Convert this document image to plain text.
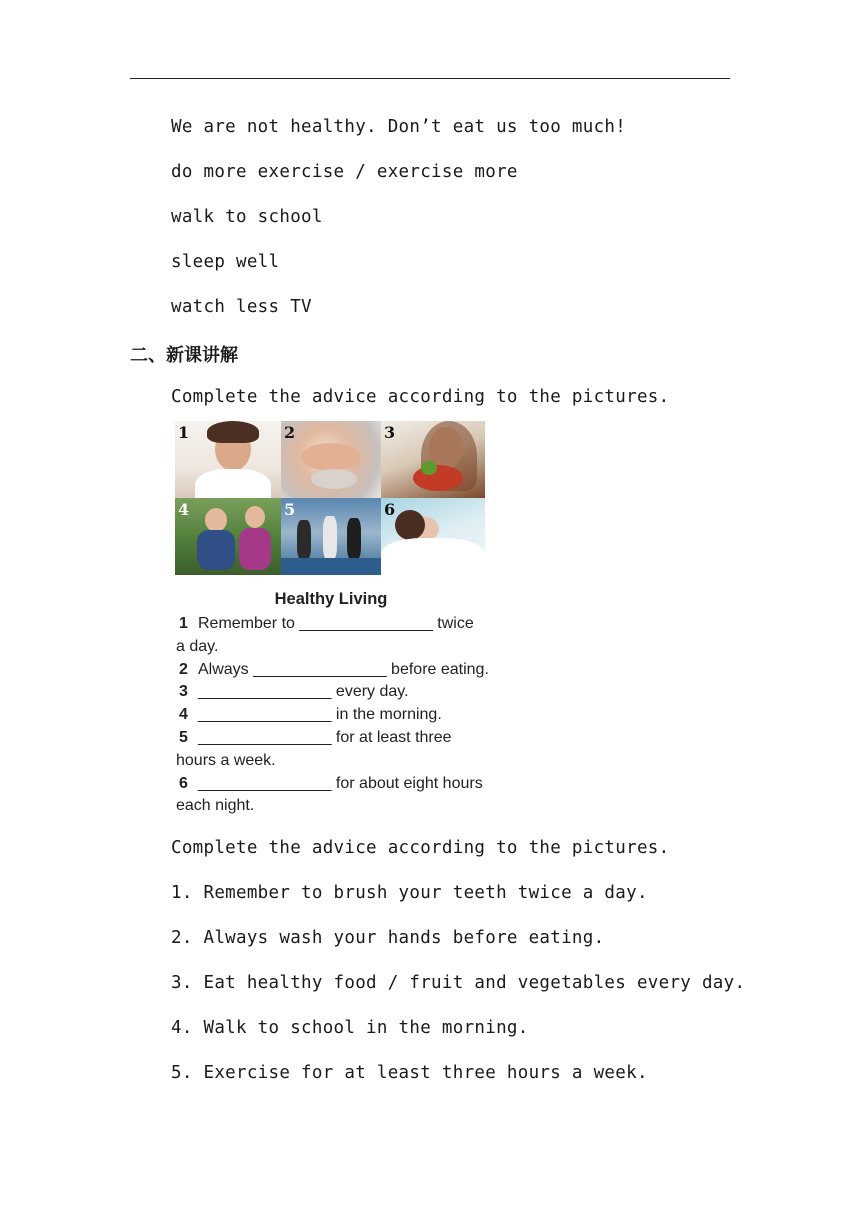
We are not healthy. Don’t eat us too much!
do more exercise / exercise more
walk to school
sleep well
watch less TV
二、新课讲解
Complete the advice according to the pictures.
1	2	3
4	5	6
Healthy Living
1 Remember to _______________ twice
a day.
2 Always _______________ before eating.
3 _______________ every day.
4 _______________ in the morning.
5 _______________ for at least three
hours a week.
6 _______________ for about eight hours
each night.
Complete the advice according to the pictures.
1. Remember to brush your teeth twice a day.
2. Always wash your hands before eating.
3. Eat healthy food / fruit and vegetables every day.
4. Walk to school in the morning.
5. Exercise for at least three hours a week.
